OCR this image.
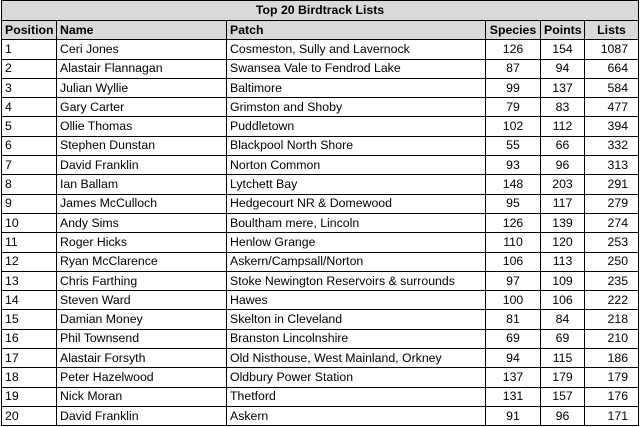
Top 20 Birdtrack Lists					
Position	Name	Patch	Species	Points	Lists
1	Ceri Jones	Cosmeston, Sully and Lavernock	126	154	1087
2	Alastair Flannagan	Swansea Vale to Fendrod Lake	87	94	664
3	Julian Wyllie	Baltimore	99	137	584
4	Gary Carter	Grimston and Shoby	79	83	477
5	Ollie Thomas	Puddletown	102	112	394
6	Stephen Dunstan	Blackpool North Shore	55	66	332
7	David Franklin	Norton Common	93	96	313
8	Ian Ballam	Lytchett Bay	148	203	291
9	James McCulloch	Hedgecourt NR & Domewood	95	117	279
10	Andy Sims	Boultham mere, Lincoln	126	139	274
11	Roger Hicks	Henlow Grange	110	120	253
12	Ryan McClarence	Askern/Campsall/Norton	106	113	250
13	Chris Farthing	Stoke Newington Reservoirs & surrounds	97	109	235
14	Steven Ward	Hawes	100	106	222
15	Damian Money	Skelton in Cleveland	81	84	218
16	Phil Townsend	Branston Lincolnshire	69	69	210
17	Alastair Forsyth	Old Nisthouse, West Mainland, Orkney	94	115	186
18	Peter Hazelwood	Oldbury Power Station	137	179	179
19	Nick Moran	Thetford	131	157	176
20	David Franklin	Askern	91	96	171
